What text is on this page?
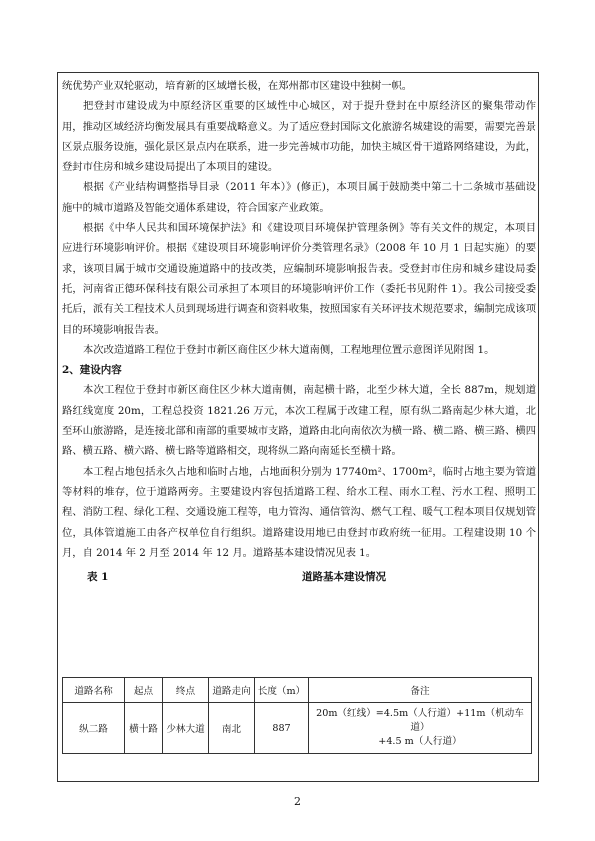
统优势产业双轮驱动，培育新的区域增长极，在郑州都市区建设中独树一帜。

把登封市建设成为中原经济区重要的区域性中心城区，对于提升登封在中原经济区的聚集带动作用，推动区域经济均衡发展具有重要战略意义。为了适应登封国际文化旅游名城建设的需要，需要完善景区景点服务设施，强化景区景点内在联系，进一步完善城市功能，加快主城区骨干道路网络建设，为此，登封市住房和城乡建设局提出了本项目的建设。

根据《产业结构调整指导目录（2011 年本）》(修正)，本项目属于鼓励类中第二十二条城市基础设施中的城市道路及智能交通体系建设，符合国家产业政策。

根据《中华人民共和国环境保护法》和《建设项目环境保护管理条例》等有关文件的规定，本项目应进行环境影响评价。根据《建设项目环境影响评价分类管理名录》（2008 年 10 月 1 日起实施）的要求，该项目属于城市交通设施道路中的技改类，应编制环境影响报告表。受登封市住房和城乡建设局委托，河南省正德环保科技有限公司承担了本项目的环境影响评价工作（委托书见附件 1）。我公司接受委托后，派有关工程技术人员到现场进行调查和资料收集，按照国家有关环评技术规范要求，编制完成该项目的环境影响报告表。

本次改造道路工程位于登封市新区商住区少林大道南侧，工程地理位置示意图详见附图 1。

2、建设内容

本次工程位于登封市新区商住区少林大道南侧，南起横十路，北至少林大道，全长 887m，规划道路红线宽度 20m，工程总投资 1821.26 万元，本次工程属于改建工程，原有纵二路南起少林大道，北至环山旅游路，是连接北部和南部的重要城市支路，道路由北向南依次为横一路、横二路、横三路、横四路、横五路、横六路、横七路等道路相交，现将纵二路向南延长至横十路。

本工程占地包括永久占地和临时占地，占地面积分别为 17740m²、1700m²，临时占地主要为管道等材料的堆存，位于道路两旁。主要建设内容包括道路工程、给水工程、雨水工程、污水工程、照明工程、消防工程、绿化工程、交通设施工程等，电力管沟、通信管沟、燃气工程、暖气工程本项目仅规划管位，具体管道施工由各产权单位自行组织。道路建设用地已由登封市政府统一征用。工程建设期 10 个月，自 2014 年 2 月至 2014 年 12 月。道路基本建设情况见表 1。

表 1	道路基本建设情况
道路名称	起点	终点	道路走向	长度（m）	备注
纵二路	横十路	少林大道	南北	887	20m（红线）=4.5m（人行道）+11m（机动车道）
+4.5 m（人行道）
2
